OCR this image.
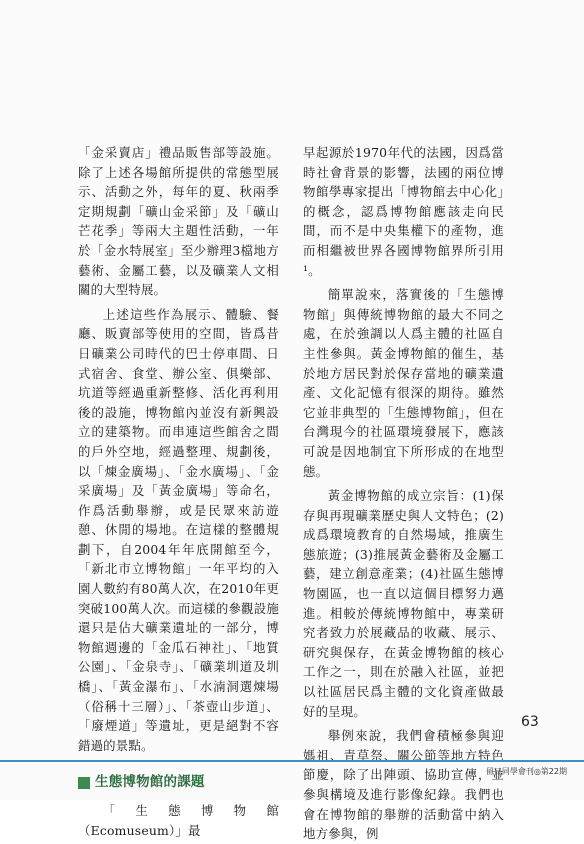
「金采賣店」禮品販售部等設施。除了上述各場館所提供的常態型展示、活動之外，每年的夏、秋兩季定期規劃「礦山金采節」及「礦山芒花季」等兩大主題性活動，一年於「金水特展室」至少辦理3檔地方藝術、金屬工藝，以及礦業人文相關的大型特展。

上述這些作為展示、體驗、餐廳、販賣部等使用的空間，皆爲昔日礦業公司時代的巴士停車間、日式宿舍、食堂、辦公室、俱樂部、坑道等經過重新整修、活化再利用後的設施，博物館內並沒有新興設立的建築物。而串連這些館舍之間的戶外空地，經過整理、規劃後，以「煉金廣場」、「金水廣場」、「金采廣場」及「黃金廣場」等命名，作爲活動舉辦，或是民眾來訪遊憩、休閒的場地。在這樣的整體規劃下，自2004年年底開館至今，「新北市立博物館」一年平均的入園人數約有80萬人次，在2010年更突破100萬人次。而這樣的參觀設施還只是佔大礦業遺址的一部分，博物館週邊的「金瓜石神社」、「地質公園」、「金泉寺」、「礦業圳道及圳橋」、「黃金瀑布」、「水湳洞選煉場（俗稱十三層）」、「茶壺山步道」、「廢煙道」等遺址，更是絕對不容錯過的景點。

生態博物館的課題

「生態博物館（Ecomuseum）」最

早起源於1970年代的法國，因爲當時社會背景的影響，法國的兩位博物館學專家提出「博物館去中心化」的概念，認爲博物館應該走向民間，而不是中央集權下的產物，進而相繼被世界各國博物館界所引用¹。

簡單說來，落實後的「生態博物館」與傳統博物館的最大不同之處，在於強調以人爲主體的社區自主性參與。黃金博物館的催生，基於地方居民對於保存當地的礦業遺產、文化記憶有很深的期待。雖然它並非典型的「生態博物館」，但在台灣現今的社區環境發展下，應該可說是因地制宜下所形成的在地型態。

黃金博物館的成立宗旨：(1)保存與再現礦業歷史與人文特色；(2)成爲環境教育的自然場域，推廣生態旅遊；(3)推展黃金藝術及金屬工藝，建立創意產業；(4)社區生態博物園區，也一直以這個目標努力邁進。相較於傳統博物館中，專業研究者致力於展藏品的收藏、展示、研究與保存，在黃金博物館的核心工作之一，則在於融入社區，並把以社區居民爲主體的文化資產做最好的呈現。

舉例來說，我們會積極參與迎媽祖、青草祭、關公節等地方特色節慶，除了出陣頭、協助宣傳，並參與構境及進行影像紀錄。我們也會在博物館的舉辦的活動當中納入地方參與，例

63
留日同學會刊◎第22期
